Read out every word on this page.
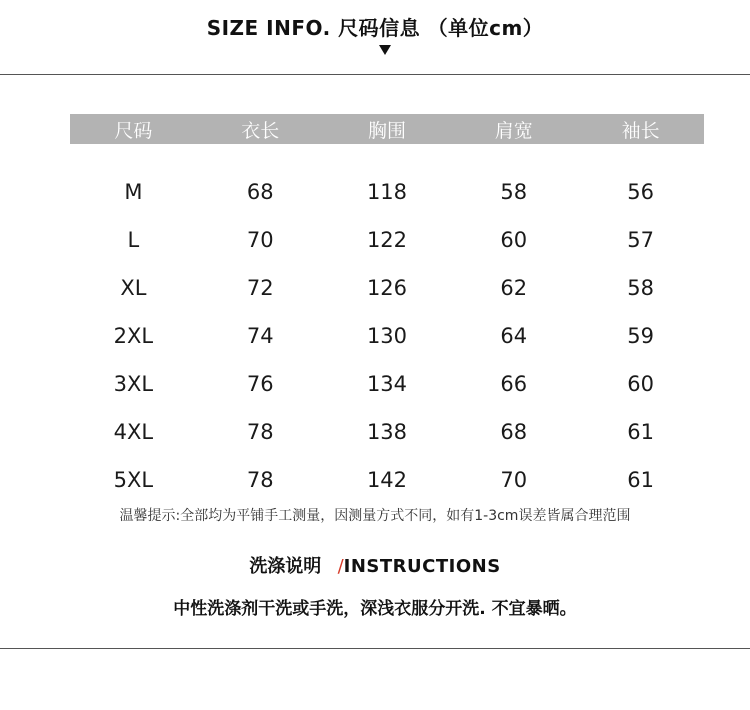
SIZE INFO. 尺码信息 （单位cm）
尺码	衣长	胸围	肩宽	袖长
M	68	118	58	56
L	70	122	60	57
XL	72	126	62	58
2XL	74	130	64	59
3XL	76	134	66	60
4XL	78	138	68	61
5XL	78	142	70	61
温馨提示:全部均为平铺手工测量，因测量方式不同，如有1-3cm误差皆属合理范围
洗涤说明 /INSTRUCTIONS
中性洗涤剂干洗或手洗，深浅衣服分开洗. 不宜暴晒。
